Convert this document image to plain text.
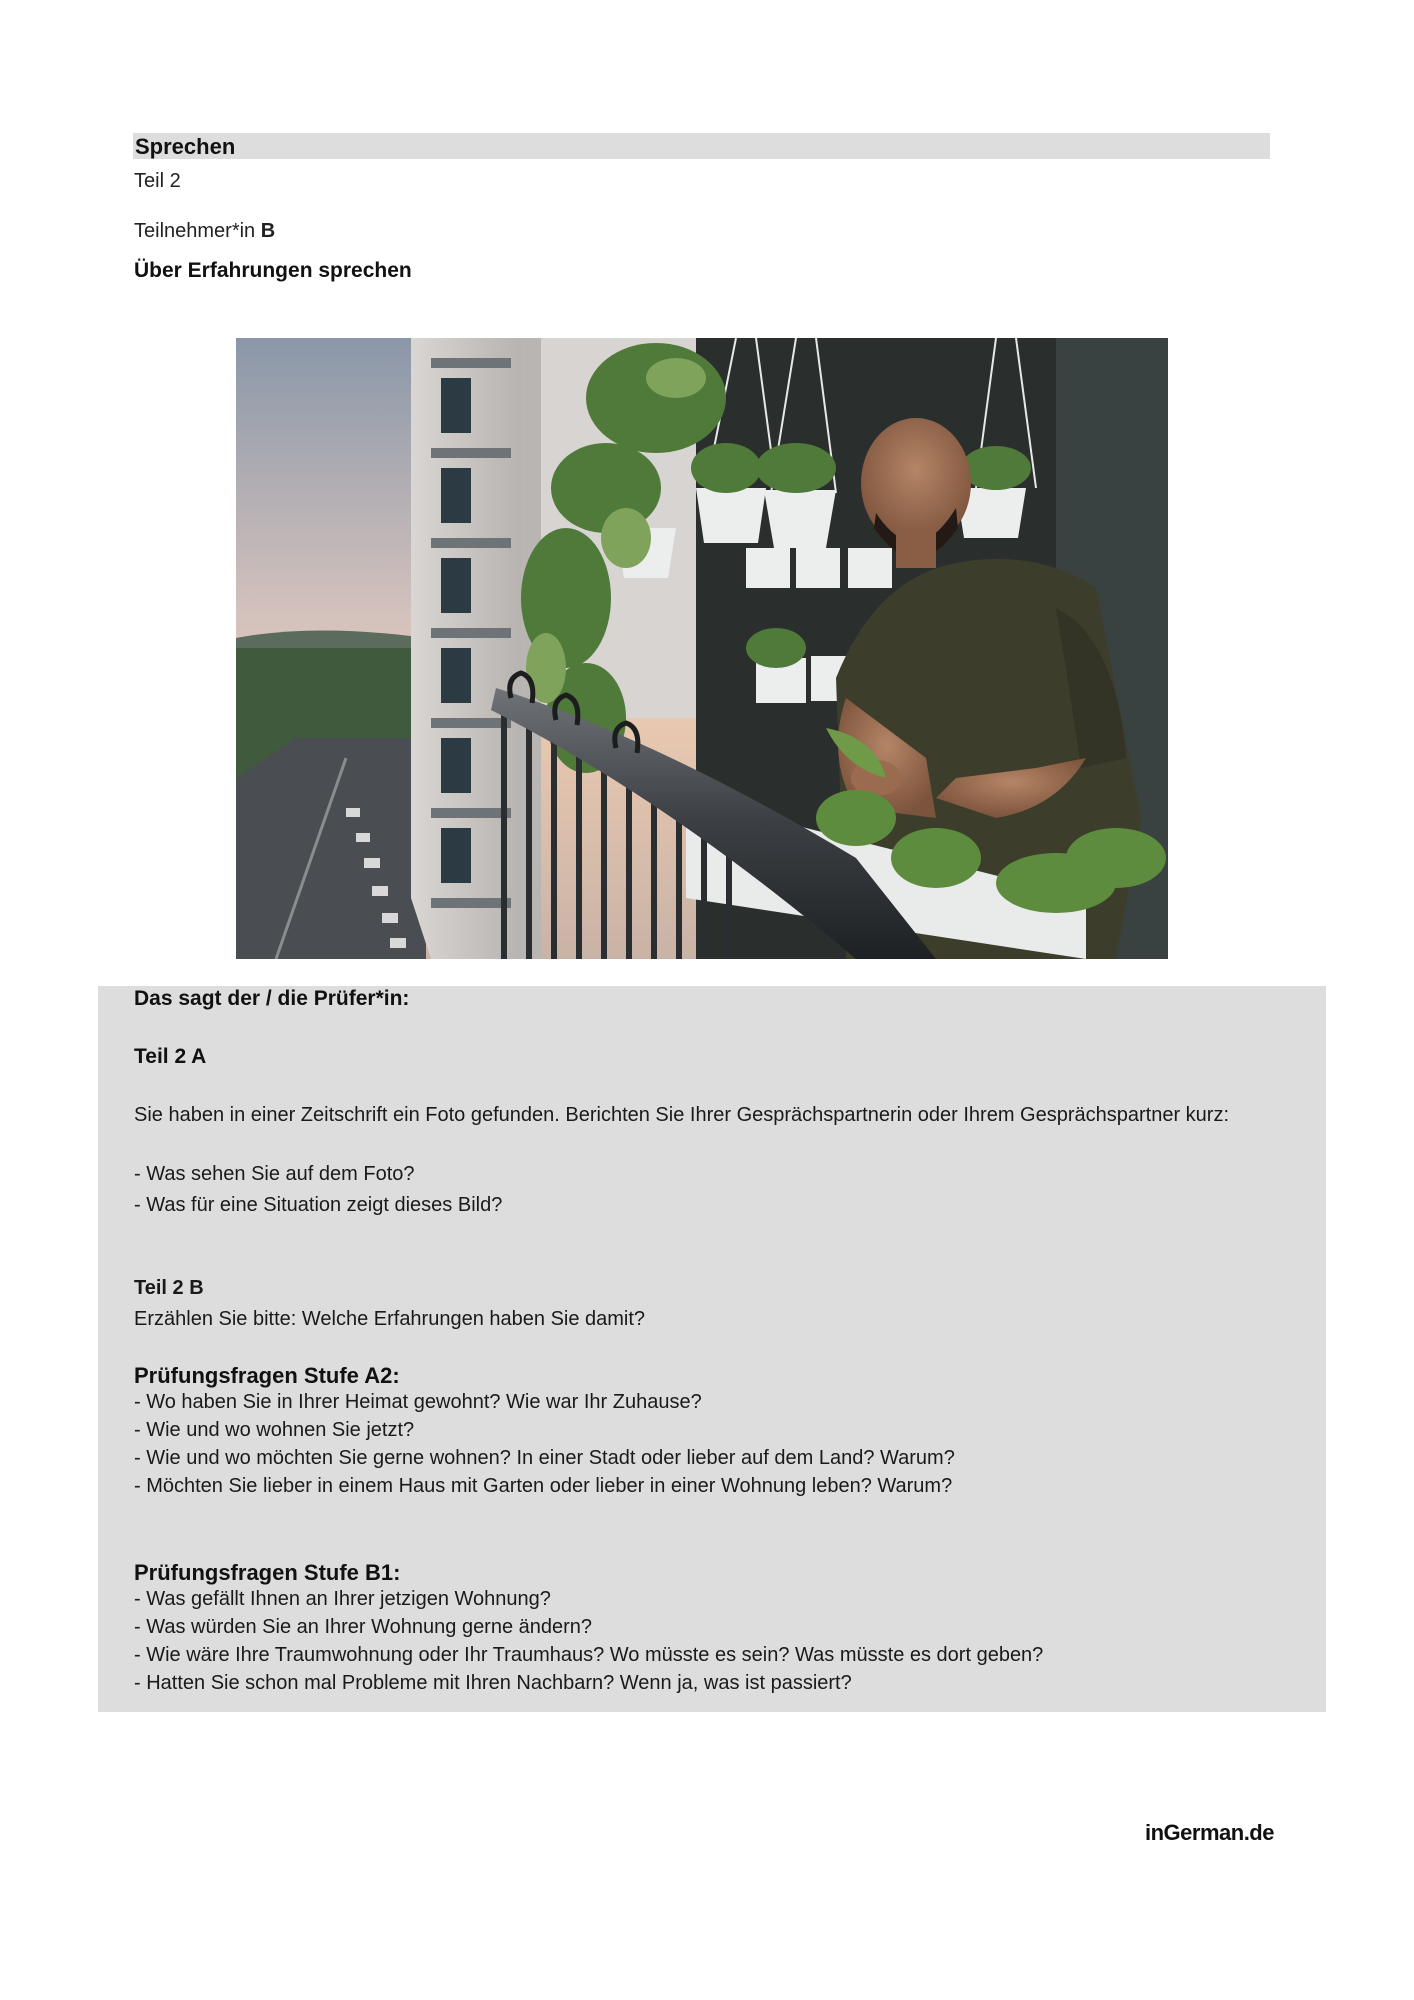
Sprechen
Teil 2
Teilnehmer*in B
Über Erfahrungen sprechen
Das sagt der / die Prüfer*in:
Teil 2 A
Sie haben in einer Zeitschrift ein Foto gefunden. Berichten Sie Ihrer Gesprächspartnerin oder Ihrem Gesprächspartner kurz:
- Was sehen Sie auf dem Foto?
- Was für eine Situation zeigt dieses Bild?
Teil 2 B
Erzählen Sie bitte: Welche Erfahrungen haben Sie damit?
Prüfungsfragen Stufe A2:
- Wo haben Sie in Ihrer Heimat gewohnt? Wie war Ihr Zuhause?
- Wie und wo wohnen Sie jetzt?
- Wie und wo möchten Sie gerne wohnen? In einer Stadt oder lieber auf dem Land? Warum?
- Möchten Sie lieber in einem Haus mit Garten oder lieber in einer Wohnung leben? Warum?
Prüfungsfragen Stufe B1:
- Was gefällt Ihnen an Ihrer jetzigen Wohnung?
- Was würden Sie an Ihrer Wohnung gerne ändern?
- Wie wäre Ihre Traumwohnung oder Ihr Traumhaus? Wo müsste es sein? Was müsste es dort geben?
- Hatten Sie schon mal Probleme mit Ihren Nachbarn? Wenn ja, was ist passiert?
inGerman.de
